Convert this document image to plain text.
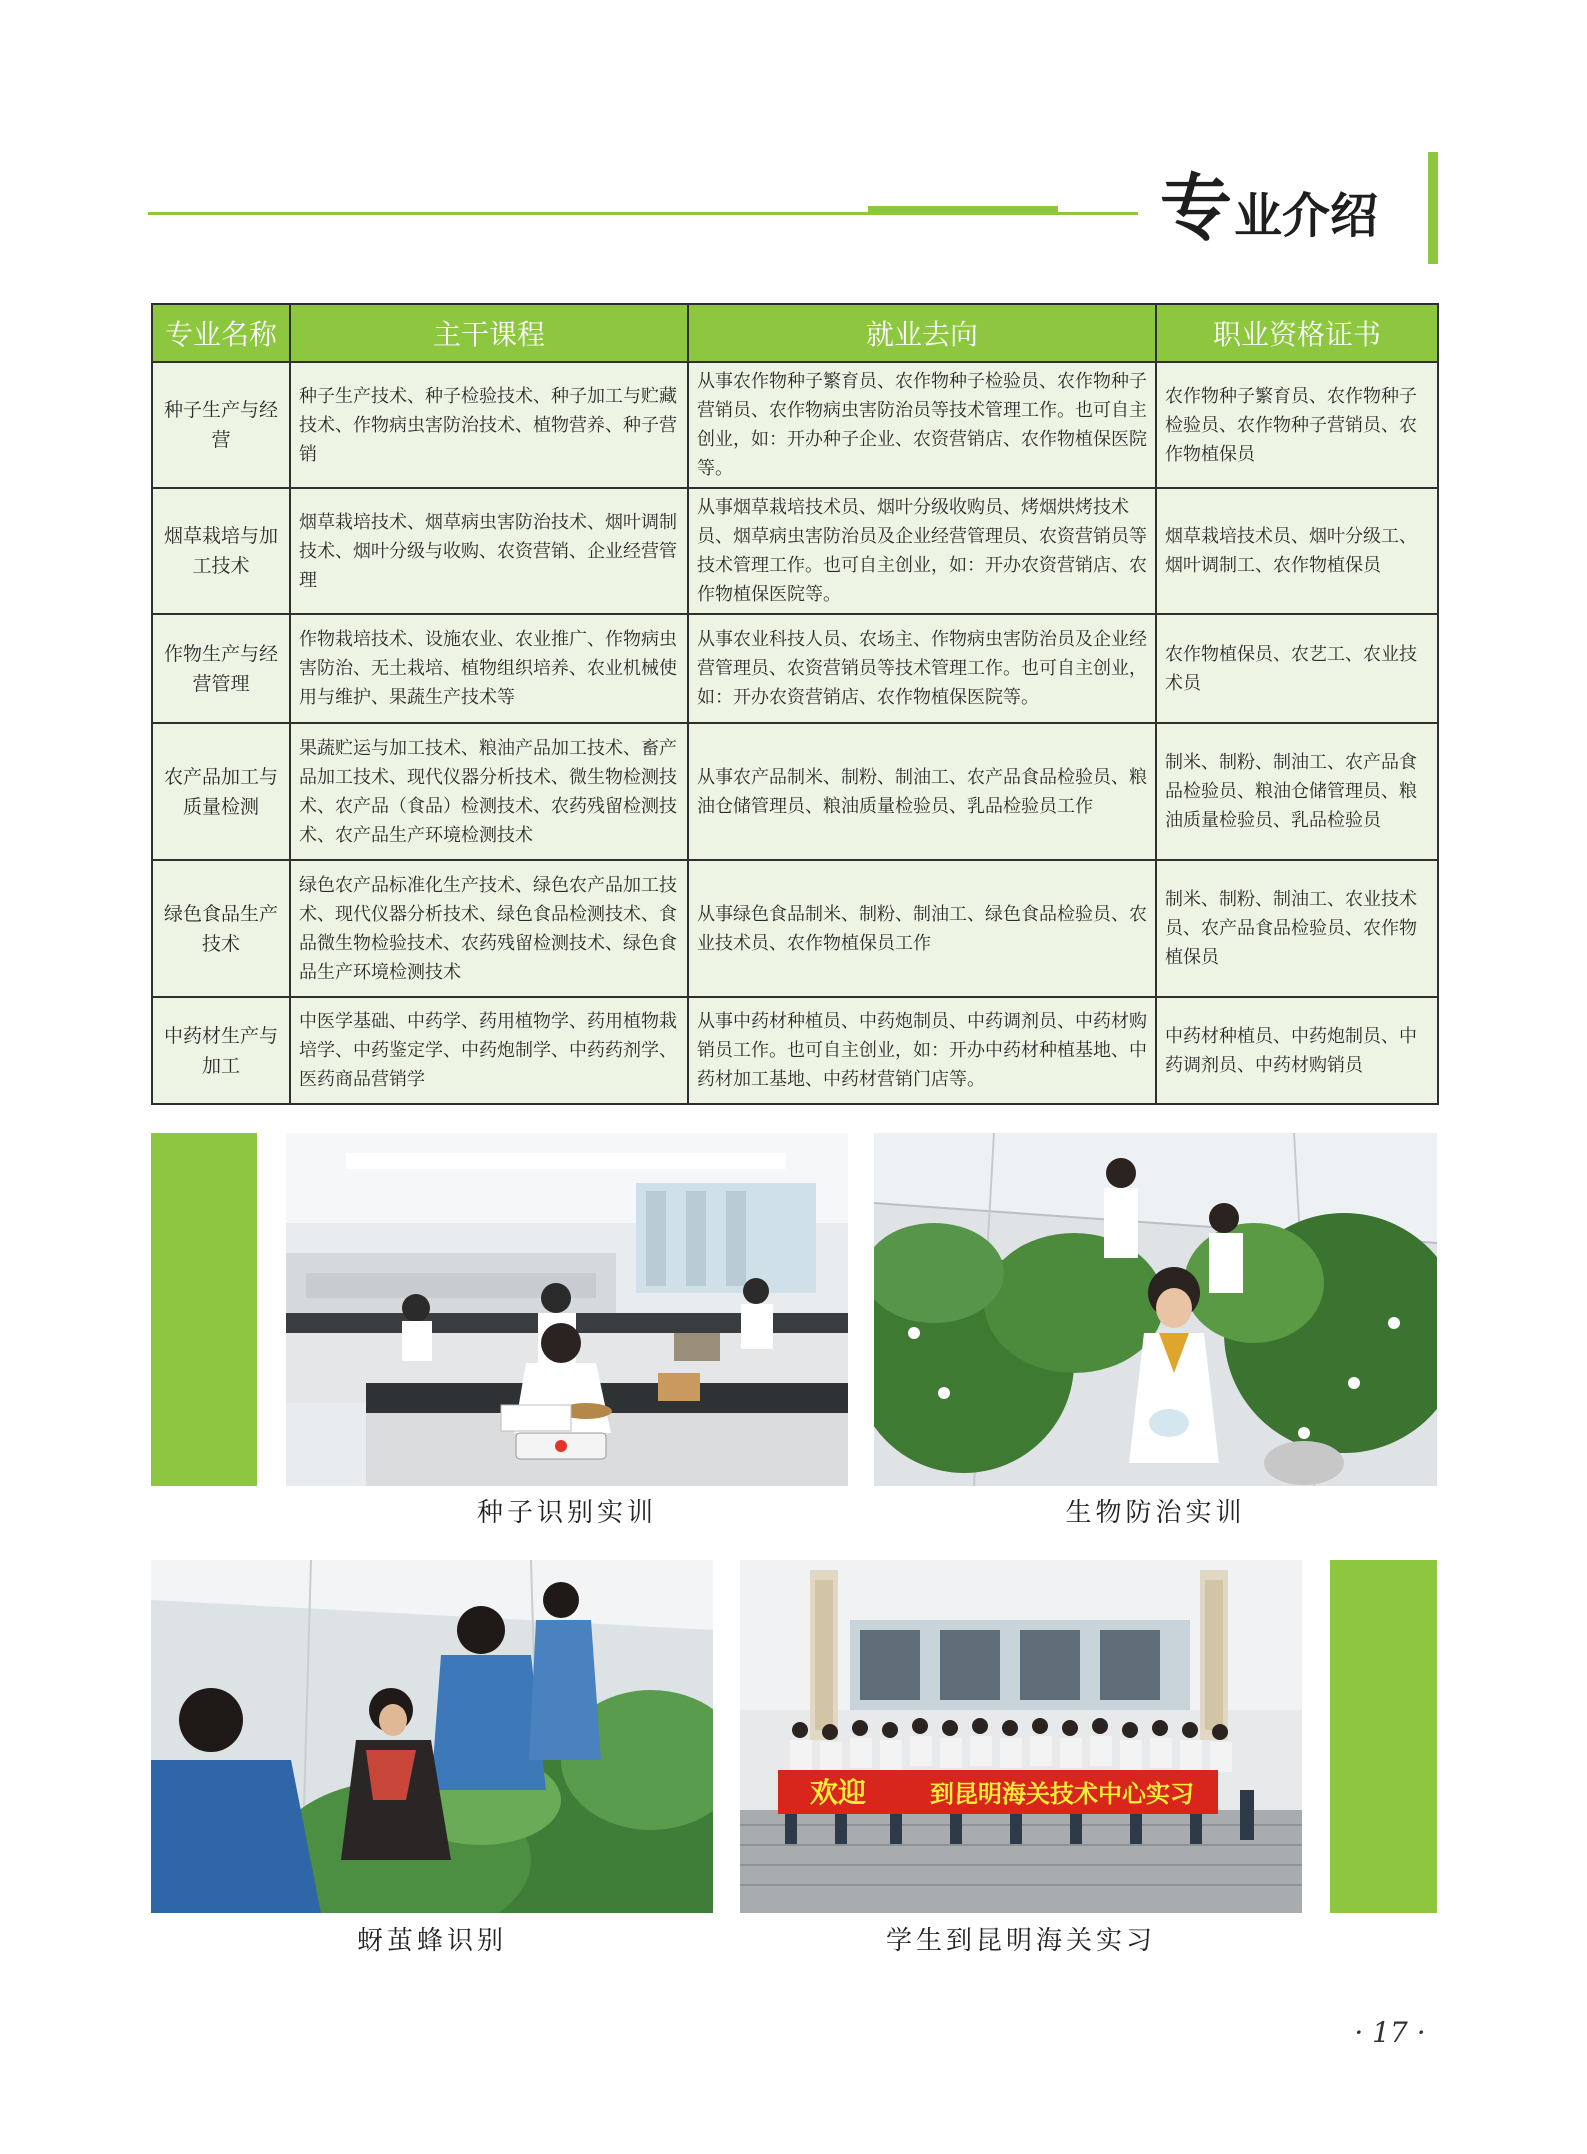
专业介绍
专业名称	主干课程	就业去向	职业资格证书
种子生产与经营	种子生产技术、种子检验技术、种子加工与贮藏技术、作物病虫害防治技术、植物营养、种子营销	从事农作物种子繁育员、农作物种子检验员、农作物种子营销员、农作物病虫害防治员等技术管理工作。也可自主创业，如：开办种子企业、农资营销店、农作物植保医院等。	农作物种子繁育员、农作物种子检验员、农作物种子营销员、农作物植保员
烟草栽培与加工技术	烟草栽培技术、烟草病虫害防治技术、烟叶调制技术、烟叶分级与收购、农资营销、企业经营管理	从事烟草栽培技术员、烟叶分级收购员、烤烟烘烤技术员、烟草病虫害防治员及企业经营管理员、农资营销员等技术管理工作。也可自主创业，如：开办农资营销店、农作物植保医院等。	烟草栽培技术员、烟叶分级工、烟叶调制工、农作物植保员
作物生产与经营管理	作物栽培技术、设施农业、农业推广、作物病虫害防治、无土栽培、植物组织培养、农业机械使用与维护、果蔬生产技术等	从事农业科技人员、农场主、作物病虫害防治员及企业经营管理员、农资营销员等技术管理工作。也可自主创业，如：开办农资营销店、农作物植保医院等。	农作物植保员、农艺工、农业技术员
农产品加工与质量检测	果蔬贮运与加工技术、粮油产品加工技术、畜产品加工技术、现代仪器分析技术、微生物检测技术、农产品（食品）检测技术、农药残留检测技术、农产品生产环境检测技术	从事农产品制米、制粉、制油工、农产品食品检验员、粮油仓储管理员、粮油质量检验员、乳品检验员工作	制米、制粉、制油工、农产品食品检验员、粮油仓储管理员、粮油质量检验员、乳品检验员
绿色食品生产技术	绿色农产品标准化生产技术、绿色农产品加工技术、现代仪器分析技术、绿色食品检测技术、食品微生物检验技术、农药残留检测技术、绿色食品生产环境检测技术	从事绿色食品制米、制粉、制油工、绿色食品检验员、农业技术员、农作物植保员工作	制米、制粉、制油工、农业技术员、农产品食品检验员、农作物植保员
中药材生产与加工	中医学基础、中药学、药用植物学、药用植物栽培学、中药鉴定学、中药炮制学、中药药剂学、医药商品营销学	从事中药材种植员、中药炮制员、中药调剂员、中药材购销员工作。也可自主创业，如：开办中药材种植基地、中药材加工基地、中药材营销门店等。	中药材种植员、中药炮制员、中药调剂员、中药材购销员
种子识别实训	生物防治实训
欢迎	到昆明海关技术中心实习
蚜茧蜂识别	学生到昆明海关实习
· 17 ·
